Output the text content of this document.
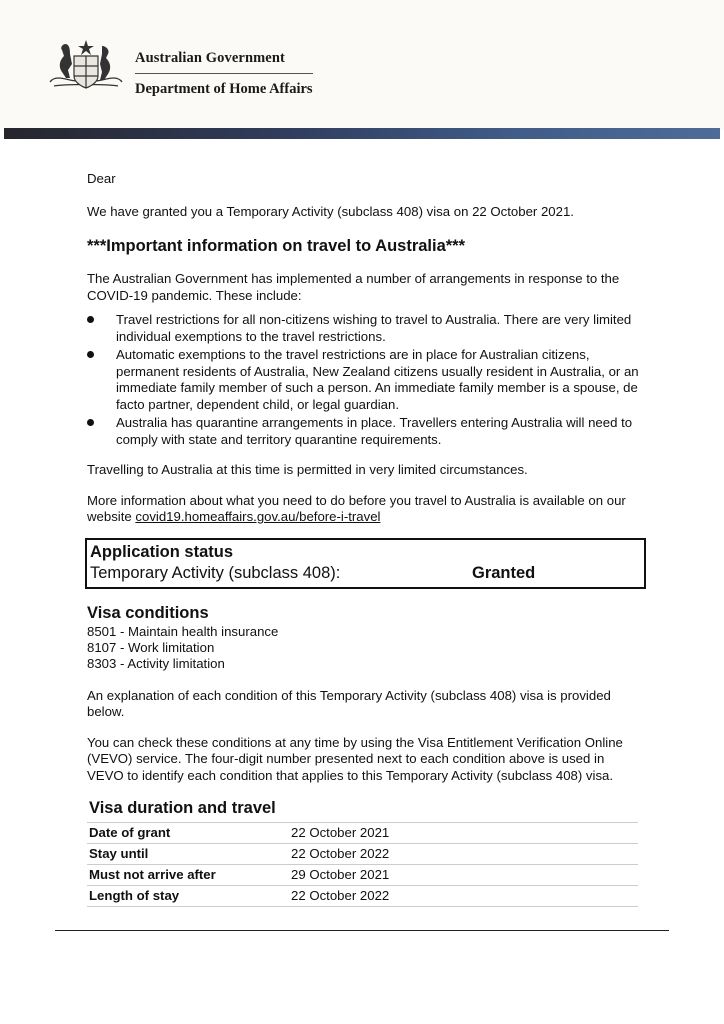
Australian Government
Department of Home Affairs

Dear

We have granted you a Temporary Activity (subclass 408) visa on 22 October 2021.

***Important information on travel to Australia***

The Australian Government has implemented a number of arrangements in response to the COVID-19 pandemic. These include:

Travel restrictions for all non-citizens wishing to travel to Australia. There are very limited individual exemptions to the travel restrictions.
Automatic exemptions to the travel restrictions are in place for Australian citizens, permanent residents of Australia, New Zealand citizens usually resident in Australia, or an immediate family member of such a person. An immediate family member is a spouse, de facto partner, dependent child, or legal guardian.
Australia has quarantine arrangements in place. Travellers entering Australia will need to comply with state and territory quarantine requirements.

Travelling to Australia at this time is permitted in very limited circumstances.

More information about what you need to do before you travel to Australia is available on our website covid19.homeaffairs.gov.au/before-i-travel

Application status
Temporary Activity (subclass 408):	Granted
Visa conditions
8501 - Maintain health insurance
8107 - Work limitation
8303 - Activity limitation

An explanation of each condition of this Temporary Activity (subclass 408) visa is provided below.

You can check these conditions at any time by using the Visa Entitlement Verification Online (VEVO) service. The four-digit number presented next to each condition above is used in VEVO to identify each condition that applies to this Temporary Activity (subclass 408) visa.

Visa duration and travel
Date of grant	22 October 2021
Stay until	22 October 2022
Must not arrive after	29 October 2021
Length of stay	22 October 2022
